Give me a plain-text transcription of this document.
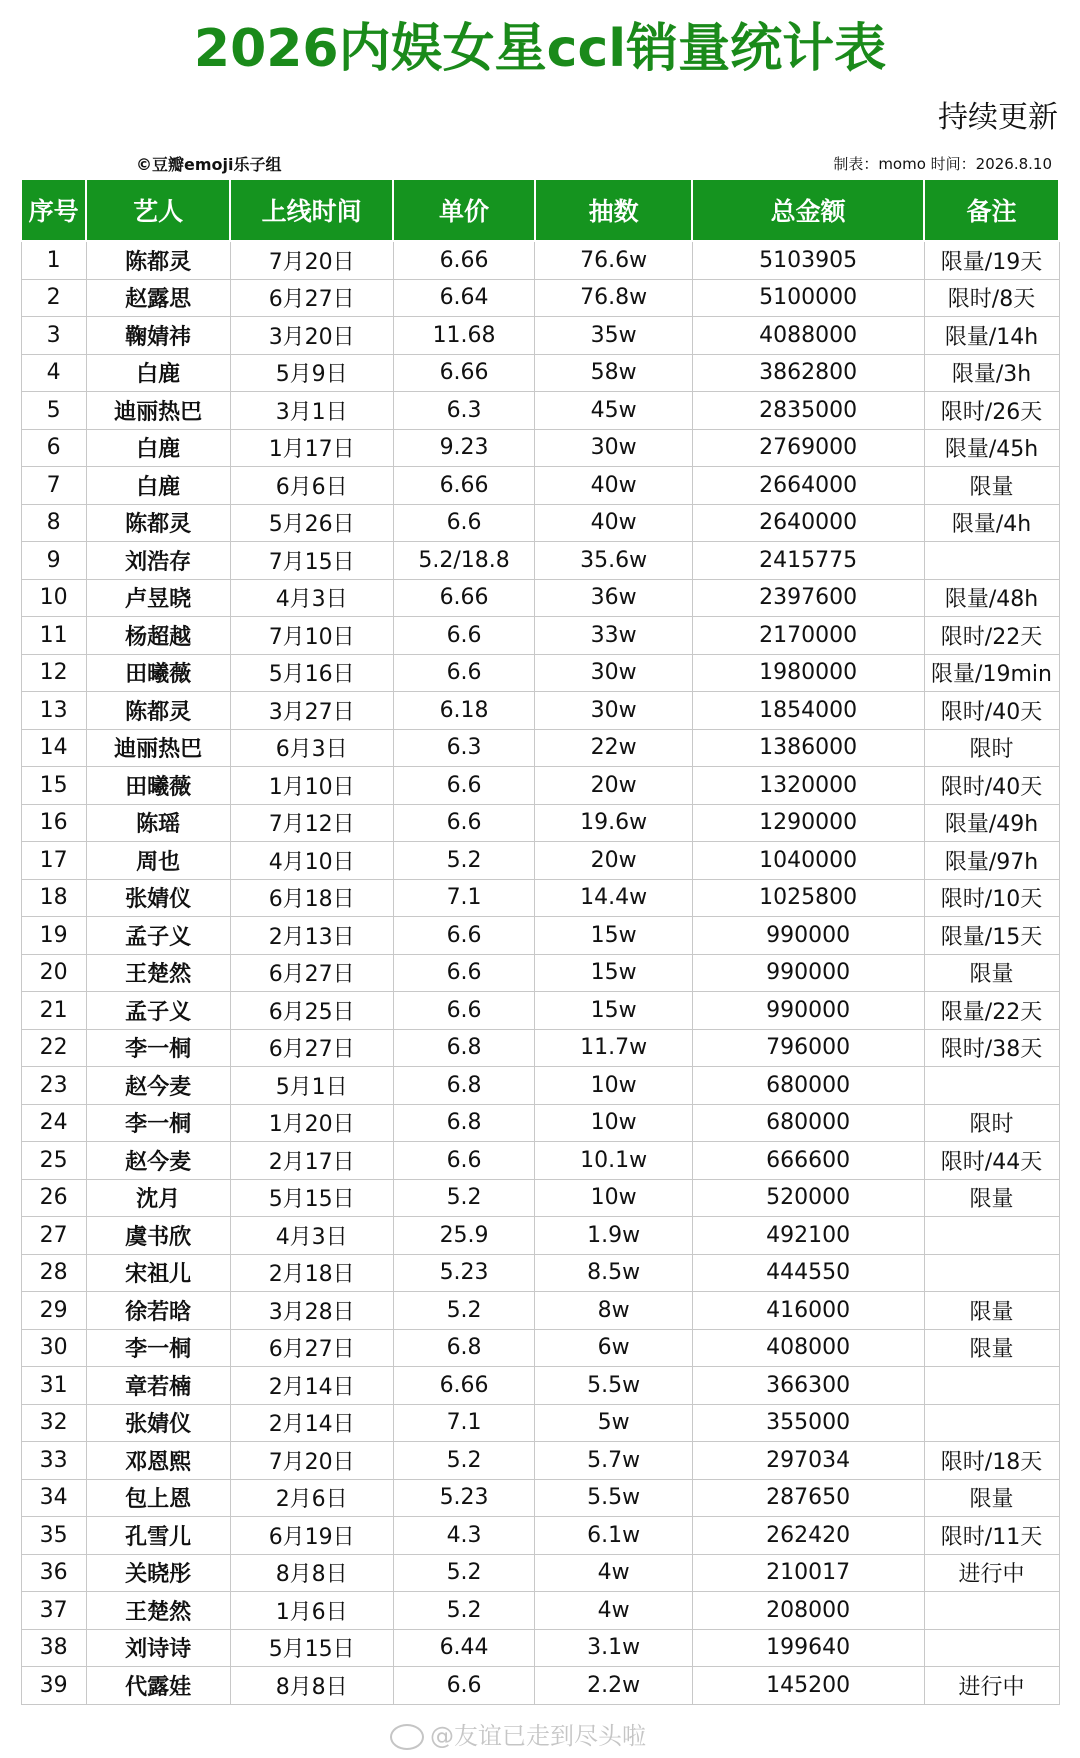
2026内娱女星ccl销量统计表
持续更新
©豆瓣emoji乐子组	制表：momo 时间：2026.8.10
序号	艺人	上线时间	单价	抽数	总金额	备注
1	陈都灵	7月20日	6.66	76.6w	5103905	限量/19天
2	赵露思	6月27日	6.64	76.8w	5100000	限时/8天
3	鞠婧祎	3月20日	11.68	35w	4088000	限量/14h
4	白鹿	5月9日	6.66	58w	3862800	限量/3h
5	迪丽热巴	3月1日	6.3	45w	2835000	限时/26天
6	白鹿	1月17日	9.23	30w	2769000	限量/45h
7	白鹿	6月6日	6.66	40w	2664000	限量
8	陈都灵	5月26日	6.6	40w	2640000	限量/4h
9	刘浩存	7月15日	5.2/18.8	35.6w	2415775	
10	卢昱晓	4月3日	6.66	36w	2397600	限量/48h
11	杨超越	7月10日	6.6	33w	2170000	限时/22天
12	田曦薇	5月16日	6.6	30w	1980000	限量/19min
13	陈都灵	3月27日	6.18	30w	1854000	限时/40天
14	迪丽热巴	6月3日	6.3	22w	1386000	限时
15	田曦薇	1月10日	6.6	20w	1320000	限时/40天
16	陈瑶	7月12日	6.6	19.6w	1290000	限量/49h
17	周也	4月10日	5.2	20w	1040000	限量/97h
18	张婧仪	6月18日	7.1	14.4w	1025800	限时/10天
19	孟子义	2月13日	6.6	15w	990000	限量/15天
20	王楚然	6月27日	6.6	15w	990000	限量
21	孟子义	6月25日	6.6	15w	990000	限量/22天
22	李一桐	6月27日	6.8	11.7w	796000	限时/38天
23	赵今麦	5月1日	6.8	10w	680000	
24	李一桐	1月20日	6.8	10w	680000	限时
25	赵今麦	2月17日	6.6	10.1w	666600	限时/44天
26	沈月	5月15日	5.2	10w	520000	限量
27	虞书欣	4月3日	25.9	1.9w	492100	
28	宋祖儿	2月18日	5.23	8.5w	444550	
29	徐若晗	3月28日	5.2	8w	416000	限量
30	李一桐	6月27日	6.8	6w	408000	限量
31	章若楠	2月14日	6.66	5.5w	366300	
32	张婧仪	2月14日	7.1	5w	355000	
33	邓恩熙	7月20日	5.2	5.7w	297034	限时/18天
34	包上恩	2月6日	5.23	5.5w	287650	限量
35	孔雪儿	6月19日	4.3	6.1w	262420	限时/11天
36	关晓彤	8月8日	5.2	4w	210017	进行中
37	王楚然	1月6日	5.2	4w	208000	
38	刘诗诗	5月15日	6.44	3.1w	199640	
39	代露娃	8月8日	6.6	2.2w	145200	进行中
@友谊已走到尽头啦
